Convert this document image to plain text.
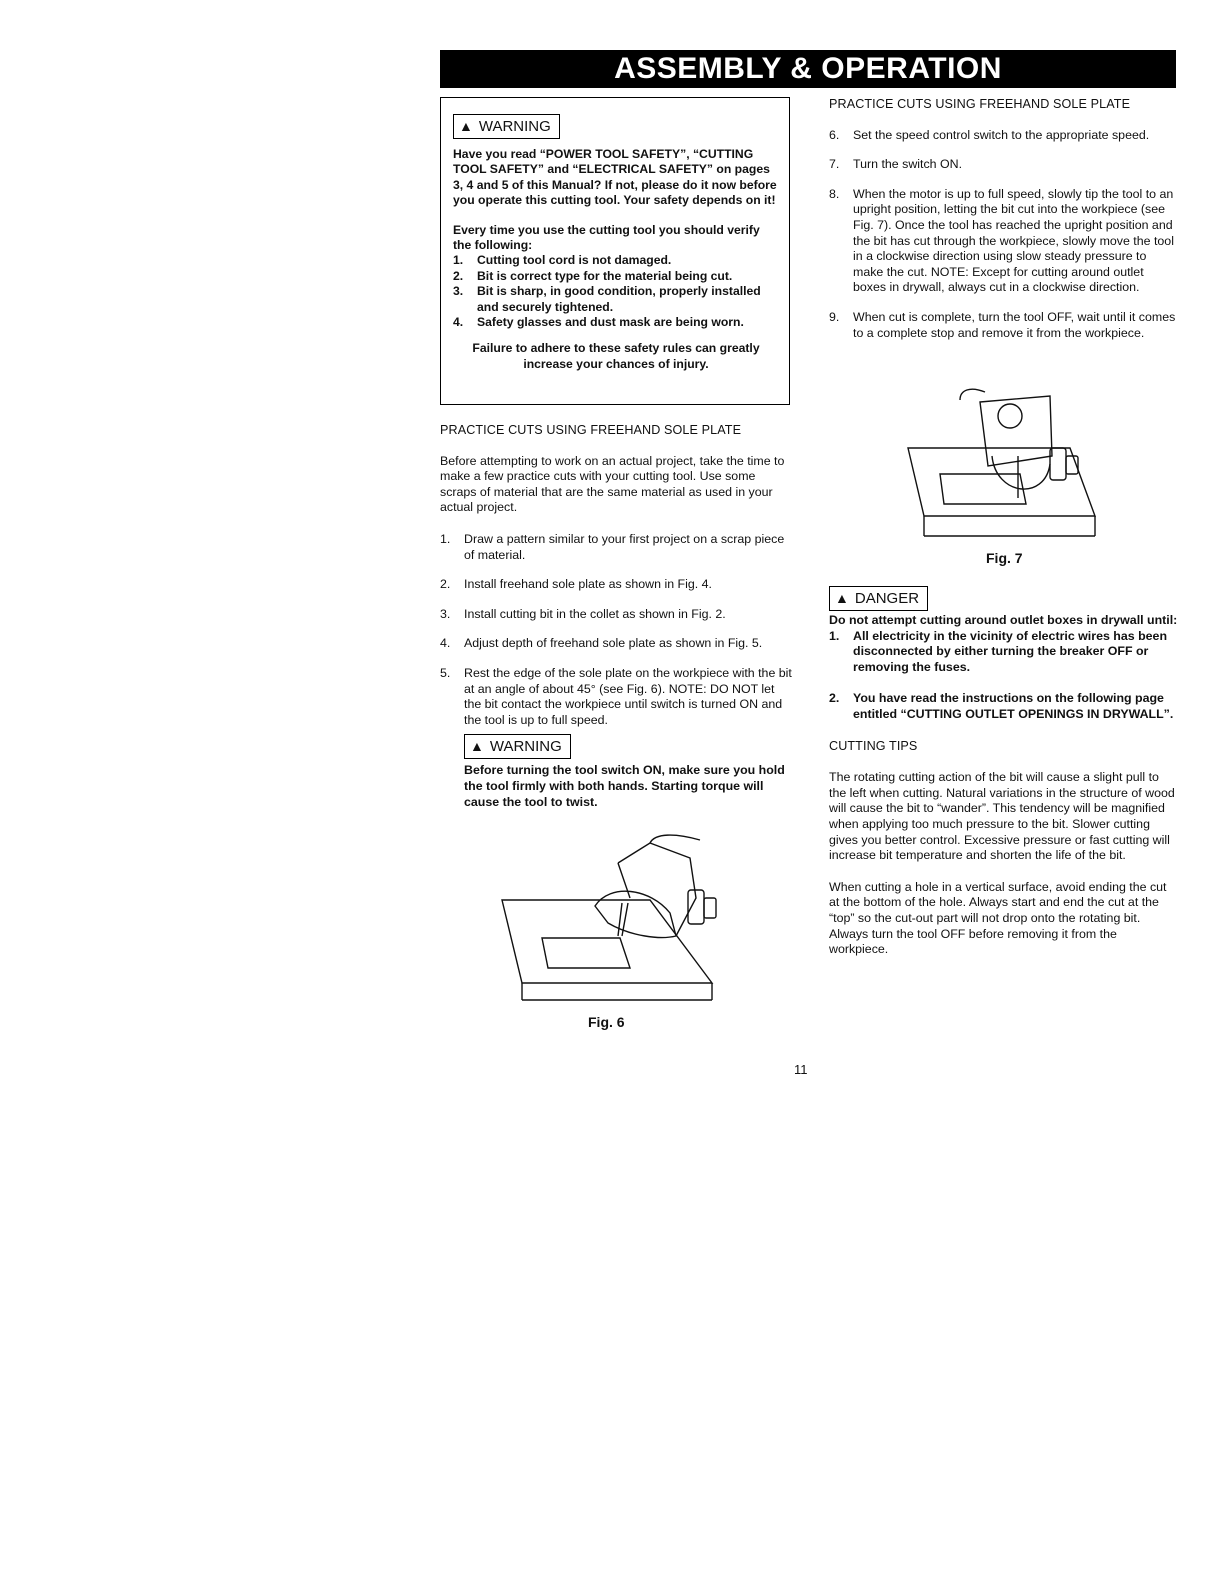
ASSEMBLY & OPERATION
▲ WARNING

Have you read “POWER TOOL SAFETY”, “CUTTING TOOL SAFETY” and “ELECTRICAL SAFETY” on pages 3, 4 and 5 of this Manual? If not, please do it now before you operate this cutting tool. Your safety depends on it!

Every time you use the cutting tool you should verify the following:

1.	Cutting tool cord is not damaged.
2.	Bit is correct type for the material being cut.
3.	Bit is sharp, in good condition, properly installed and securely tightened.
4.	Safety glasses and dust mask are being worn.

Failure to adhere to these safety rules can greatly increase your chances of injury.

PRACTICE CUTS USING FREEHAND SOLE PLATE

Before attempting to work on an actual project, take the time to make a few practice cuts with your cutting tool. Use some scraps of material that are the same material as used in your actual project.

1.	Draw a pattern similar to your first project on a scrap piece of material.
2.	Install freehand sole plate as shown in Fig. 4.
3.	Install cutting bit in the collet as shown in Fig. 2.
4.	Adjust depth of freehand sole plate as shown in Fig. 5.
5.	Rest the edge of the sole plate on the workpiece with the bit at an angle of about 45° (see Fig. 6). NOTE: DO NOT let the bit contact the workpiece until switch is turned ON and the tool is up to full speed.
▲ WARNING

Before turning the tool switch ON, make sure you hold the tool firmly with both hands. Starting torque will cause the tool to twist.

Fig. 6

PRACTICE CUTS USING FREEHAND SOLE PLATE

6.	Set the speed control switch to the appropriate speed.
7.	Turn the switch ON.
8.	When the motor is up to full speed, slowly tip the tool to an upright position, letting the bit cut into the workpiece (see Fig. 7). Once the tool has reached the upright position and the bit has cut through the workpiece, slowly move the tool in a clockwise direction using slow steady pressure to make the cut. NOTE: Except for cutting around outlet boxes in drywall, always cut in a clockwise direction.
9.	When cut is complete, turn the tool OFF, wait until it comes to a complete stop and remove it from the workpiece.
Fig. 7
▲ DANGER

Do not attempt cutting around outlet boxes in drywall until:

1.	All electricity in the vicinity of electric wires has been disconnected by either turning the breaker OFF or removing the fuses.
2.	You have read the instructions on the following page entitled “CUTTING OUTLET OPENINGS IN DRYWALL”.

CUTTING TIPS

The rotating cutting action of the bit will cause a slight pull to the left when cutting. Natural variations in the structure of wood will cause the bit to “wander”. This tendency will be magnified when applying too much pressure to the bit. Slower cutting gives you better control. Excessive pressure or fast cutting will increase bit temperature and shorten the life of the bit.

When cutting a hole in a vertical surface, avoid ending the cut at the bottom of the hole. Always start and end the cut at the “top” so the cut-out part will not drop onto the rotating bit. Always turn the tool OFF before removing it from the workpiece.

11
